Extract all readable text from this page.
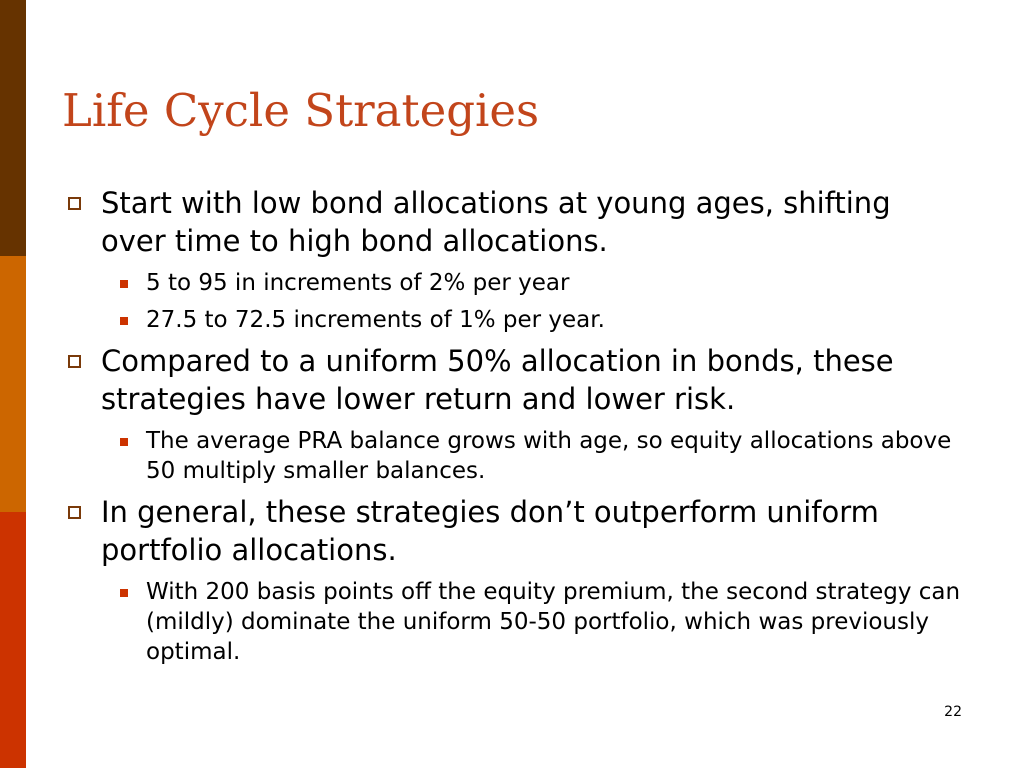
Life Cycle Strategies
Start with low bond allocations at young ages, shifting over time to high bond allocations.
5 to 95 in increments of 2% per year
27.5 to 72.5 increments of 1% per year.
Compared to a uniform 50% allocation in bonds, these strategies have lower return and lower risk.
The average PRA balance grows with age, so equity allocations above 50 multiply smaller balances.
In general, these strategies don’t outperform uniform portfolio allocations.
With 200 basis points off the equity premium, the second strategy can (mildly) dominate the uniform 50-50 portfolio, which was previously optimal.
22
